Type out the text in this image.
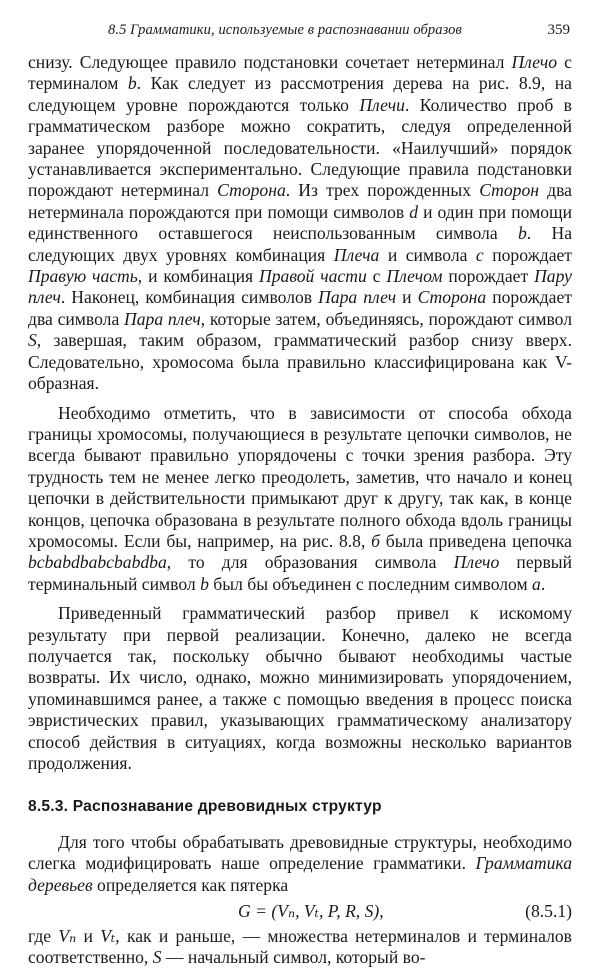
8.5 Грамматики, используемые в распознавании образов	359

снизу. Следующее правило подстановки сочетает нетерминал Плечо с терминалом b. Как следует из рассмотрения дерева на рис. 8.9, на следующем уровне порождаются только Плечи. Количество проб в грамматическом разборе можно сократить, следуя определенной заранее упорядоченной последовательности. «Наилучший» порядок устанавливается экспериментально. Следующие правила подстановки порождают нетерминал Сторона. Из трех порожденных Сторон два нетерминала порождаются при помощи символов d и один при помощи единственного оставшегося неиспользованным символа b. На следующих двух уровнях комбинация Плеча и символа c порождает Правую часть, и комбинация Правой части с Плечом порождает Пару плеч. Наконец, комбинация символов Пара плеч и Сторона порождает два символа Пара плеч, которые затем, объединяясь, порождают символ S, завершая, таким образом, грамматический разбор снизу вверх. Следовательно, хромосома была правильно классифицирована как V-образная.

Необходимо отметить, что в зависимости от способа обхода границы хромосомы, получающиеся в результате цепочки символов, не всегда бывают правильно упорядочены с точки зрения разбора. Эту трудность тем не менее легко преодолеть, заметив, что начало и конец цепочки в действительности примыкают друг к другу, так как, в конце концов, цепочка образована в результате полного обхода вдоль границы хромосомы. Если бы, например, на рис. 8.8, б была приведена цепочка bcbabdbabcbabdba, то для образования символа Плечо первый терминальный символ b был бы объединен с последним символом a.

Приведенный грамматический разбор привел к искомому результату при первой реализации. Конечно, далеко не всегда получается так, поскольку обычно бывают необходимы частые возвраты. Их число, однако, можно минимизировать упорядочением, упоминавшимся ранее, а также с помощью введения в процесс поиска эвристических правил, указывающих грамматическому анализатору способ действия в ситуациях, когда возможны несколько вариантов продолжения.

8.5.3. Распознавание древовидных структур

Для того чтобы обрабатывать древовидные структуры, необходимо слегка модифицировать наше определение грамматики. Грамматика деревьев определяется как пятерка

G = (Vₙ, Vₜ, P, R, S),	(8.5.1)

где Vₙ и Vₜ, как и раньше, — множества нетерминалов и терминалов соответственно, S — начальный символ, который во-
